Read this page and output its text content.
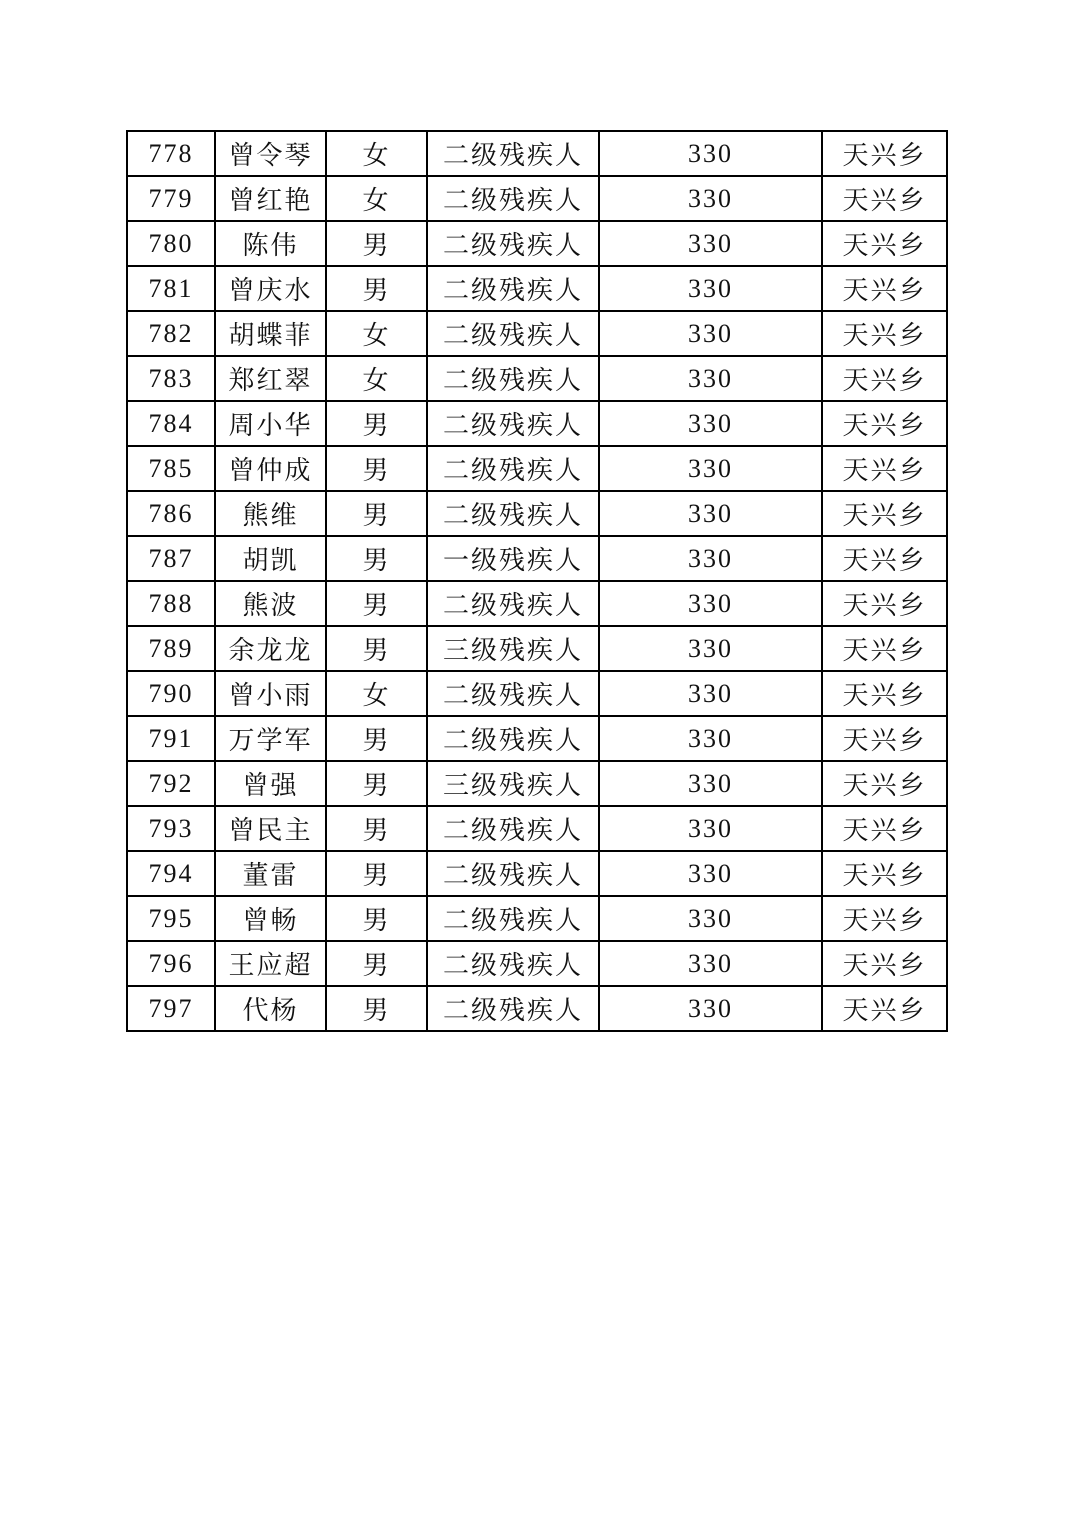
778	曾令琴	女	二级残疾人	330	天兴乡
779	曾红艳	女	二级残疾人	330	天兴乡
780	陈伟	男	二级残疾人	330	天兴乡
781	曾庆水	男	二级残疾人	330	天兴乡
782	胡蝶菲	女	二级残疾人	330	天兴乡
783	郑红翠	女	二级残疾人	330	天兴乡
784	周小华	男	二级残疾人	330	天兴乡
785	曾仲成	男	二级残疾人	330	天兴乡
786	熊维	男	二级残疾人	330	天兴乡
787	胡凯	男	一级残疾人	330	天兴乡
788	熊波	男	二级残疾人	330	天兴乡
789	余龙龙	男	三级残疾人	330	天兴乡
790	曾小雨	女	二级残疾人	330	天兴乡
791	万学军	男	二级残疾人	330	天兴乡
792	曾强	男	三级残疾人	330	天兴乡
793	曾民主	男	二级残疾人	330	天兴乡
794	董雷	男	二级残疾人	330	天兴乡
795	曾畅	男	二级残疾人	330	天兴乡
796	王应超	男	二级残疾人	330	天兴乡
797	代杨	男	二级残疾人	330	天兴乡
